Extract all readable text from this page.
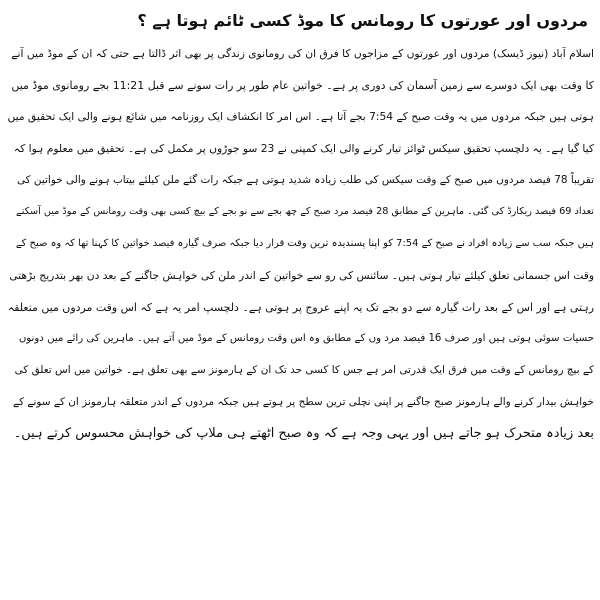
مردوں اور عورتوں کا رومانس کا موڈ کسی ٹائم ہوتا ہے ؟
اسلام آباد (نیوز ڈیسک) مردوں اور عورتوں کے مزاجوں کا فرق ان کی رومانوی زندگی پر بھی اثر ڈالتا ہے حتی کہ ان کے موڈ میں آنے
کا وقت بھی ایک دوسرے سے زمین آسمان کی دوری پر ہے۔ خواتین عام طور پر رات سونے سے قبل 11:21 بجے رومانوی موڈ میں
ہوتی ہیں جبکہ مردوں میں یہ وقت صبح کے 7:54 بجے آتا ہے۔ اس امر کا انکشاف ایک روزنامہ میں شائع ہونے والی ایک تحقیق میں
کیا گیا ہے۔ یہ دلچسپ تحقیق سیکس ٹوائز تیار کرنے والی ایک کمپنی نے 23 سو جوڑوں پر مکمل کی ہے۔ تحقیق میں معلوم ہوا کہ
تقریباً 78 فیصد مردوں میں صبح کے وقت سیکس کی طلب زیادہ شدید ہوتی ہے جبکہ رات گئے ملن کیلئے بیتاب ہونے والی خواتین کی
تعداد 69 فیصد ریکارڈ کی گئی۔ ماہرین کے مطابق 28 فیصد مرد صبح کے چھ بجے سے نو بجے کے بیچ کسی بھی وقت رومانس کے موڈ میں آسکتے
ہیں جبکہ سب سے زیادہ افراد نے صبح کے 7:54 کو اپنا پسندیدہ ترین وقت قرار دیا جبکہ صرف گیارہ فیصد خواتین کا کہنا تھا کہ وہ صبح کے
وقت اس جسمانی تعلق کیلئے تیار ہوتی ہیں۔ سائنس کی رو سے خواتین کے اندر ملن کی خواہش جاگنے کے بعد دن بھر بتدریج بڑھتی
رہتی ہے اور اس کے بعد رات گیارہ سے دو بجے تک یہ اپنے عروج پر ہوتی ہے۔ دلچسپ امر یہ ہے کہ اس وقت مردوں میں متعلقہ
حسیات سوئی ہوتی ہیں اور صرف 16 فیصد مرد وں کے مطابق وہ اس وقت رومانس کے موڈ میں آتے ہیں۔ ماہرین کی رائے میں دونوں
کے بیچ رومانس کے وقت میں فرق ایک قدرتی امر ہے جس کا کسی حد تک ان کے ہارمونز سے بھی تعلق ہے۔ خواتین میں اس تعلق کی
خواہش بیدار کرنے والے ہارمونز صبح جاگنے پر اپنی نچلی ترین سطح پر ہوتے ہیں جبکہ مردوں کے اندر متعلقہ ہارمونز ان کے سونے کے
بعد زیادہ متحرک ہو جاتے ہیں اور یہی وجہ ہے کہ وہ صبح اٹھتے ہی ملاپ کی خواہش محسوس کرتے ہیں۔
